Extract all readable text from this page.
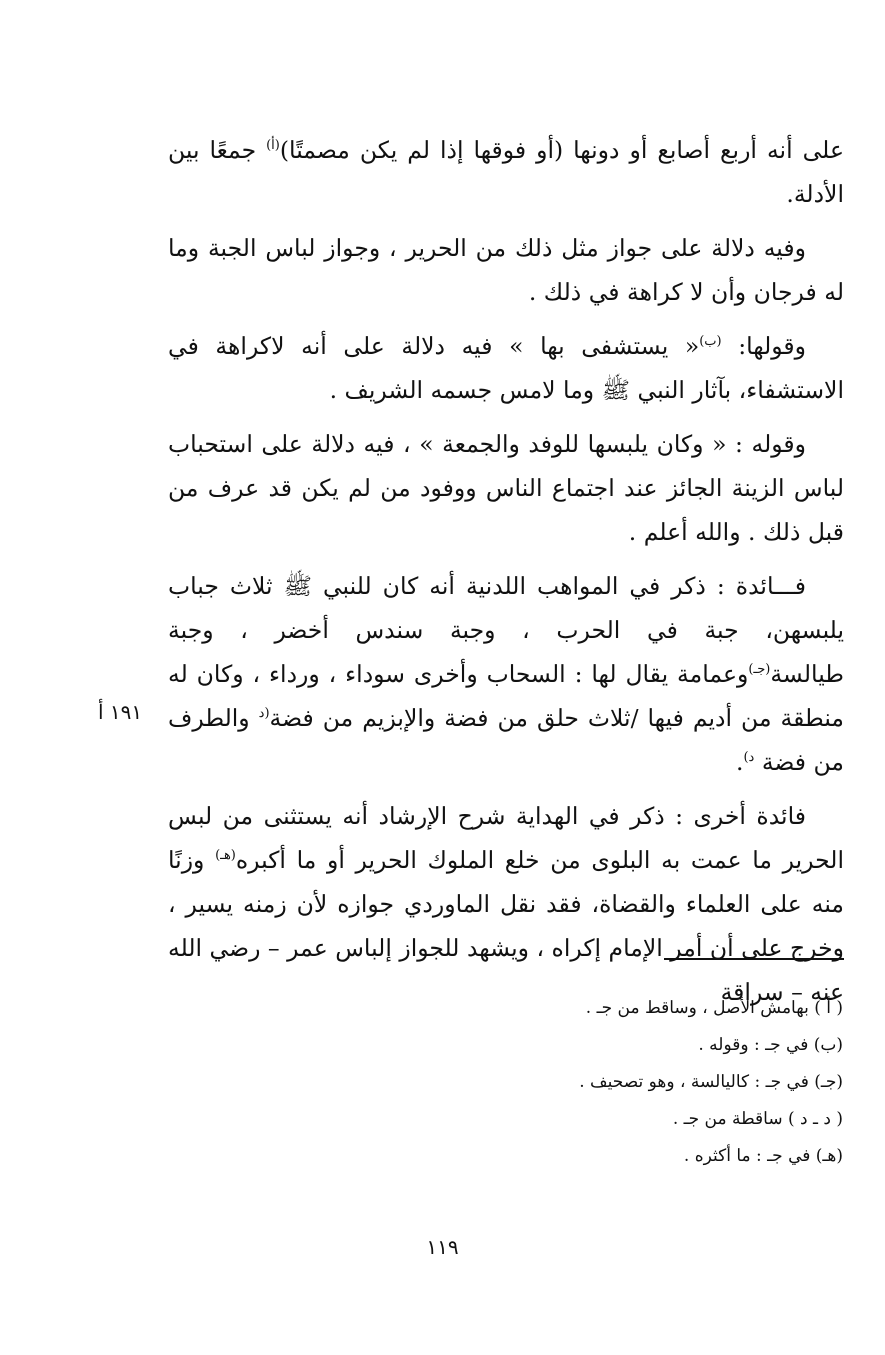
على أنه أربع أصابع أو دونها (أو فوقها إذا لم يكن مصمتًا)$^{(أ)}$ جمعًا بين الأدلة.

وفيه دلالة على جواز مثل ذلك من الحرير ، وجواز لباس الجبة وما له فرجان وأن لا كراهة في ذلك .

وقولها: $^{(ب)}$« يستشفى بها » فيه دلالة على أنه لاكراهة في الاستشفاء، بآثار النبي ﷺ وما لامس جسمه الشريف .

وقوله : « وكان يلبسها للوفد والجمعة » ، فيه دلالة على استحباب لباس الزينة الجائز عند اجتماع الناس ووفود من لم يكن قد عرف من قبل ذلك . والله أعلم .

فـــائدة : ذكر في المواهب اللدنية أنه كان للنبي ﷺ ثلاث جباب يلبسهن، جبة في الحرب ، وجبة سندس أخضر ، وجبة طيالسة$^{(جـ)}$وعمامة يقال لها : السحاب وأخرى سوداء ، ورداء ، وكان له منطقة من أديم فيها /ثلاث حلق من فضة والإبزيم من فضة$^{(د}$ والطرف من فضة $^{د)}$.

فائدة أخرى : ذكر في الهداية شرح الإرشاد أنه يستثنى من لبس الحرير ما عمت به البلوى من خلع الملوك الحرير أو ما أكبره$^{(هـ)}$ وزنًا منه على العلماء والقضاة، فقد نقل الماوردي جوازه لأن زمنه يسير ، وخرج على أن أمر الإمام إكراه ، ويشهد للجواز إلباس عمر – رضي الله عنه – سراقة

١٩١ أ
( أ ) بهامش الأصل ، وساقط من جـ .
(ب) في جـ : وقوله .
(جـ) في جـ : كاليالسة ، وهو تصحيف .
( د ـ د ) ساقطة من جـ .
(هـ) في جـ : ما أكثره .
١١٩
